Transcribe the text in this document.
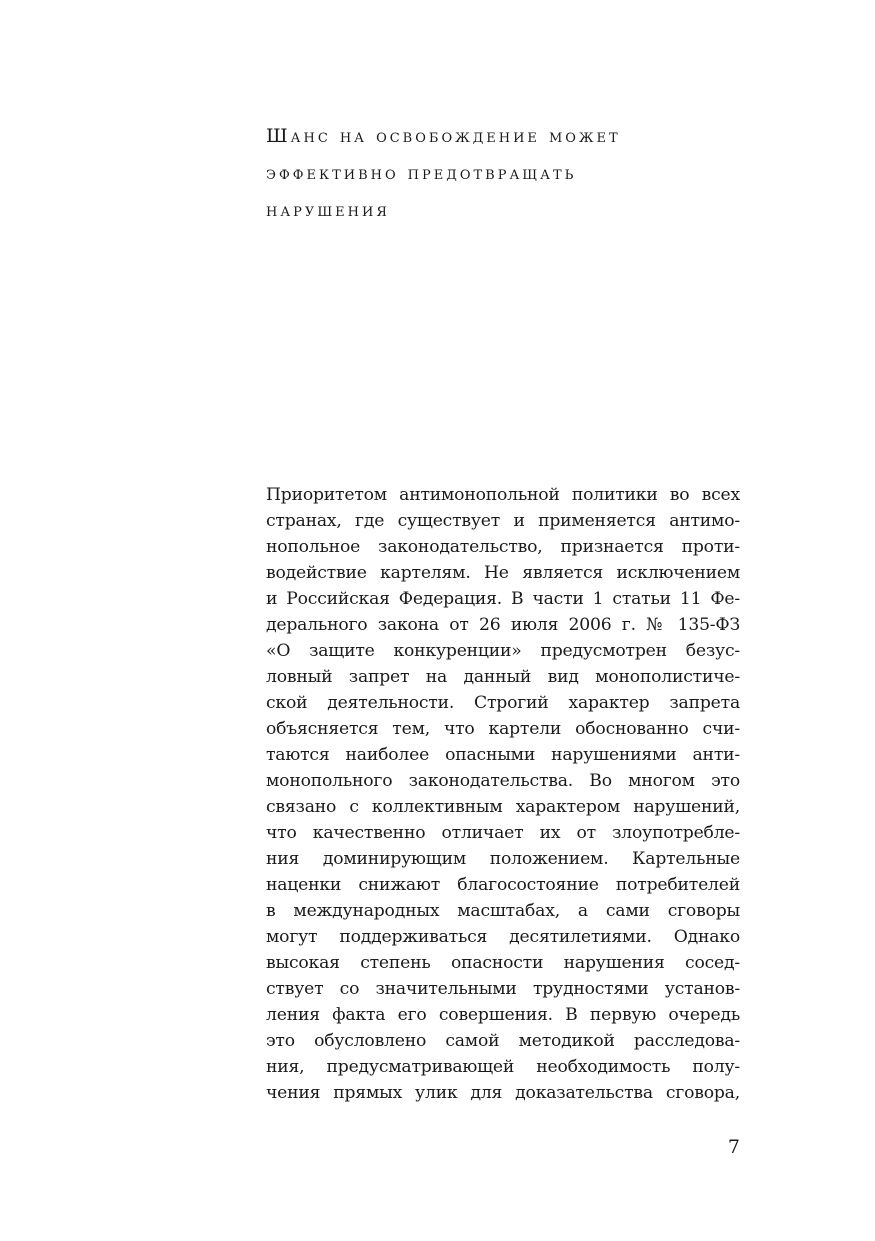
Шанс на освобождение может
эффективно предотвращать
нарушения
Приоритетом антимонопольной политики во всех
странах, где существует и применяется антимо-
нопольное законодательство, признается проти-
водействие картелям. Не является исключением
и Российская Федерация. В части 1 статьи 11 Фе-
дерального закона от 26 июля 2006 г. № 135-ФЗ
«О защите конкуренции» предусмотрен безус-
ловный запрет на данный вид монополистиче-
ской деятельности. Строгий характер запрета
объясняется тем, что картели обоснованно счи-
таются наиболее опасными нарушениями анти-
монопольного законодательства. Во многом это
связано с коллективным характером нарушений,
что качественно отличает их от злоупотребле-
ния доминирующим положением. Картельные
наценки снижают благосостояние потребителей
в международных масштабах, а сами сговоры
могут поддерживаться десятилетиями. Однако
высокая степень опасности нарушения сосед-
ствует со значительными трудностями установ-
ления факта его совершения. В первую очередь
это обусловлено самой методикой расследова-
ния, предусматривающей необходимость полу-
чения прямых улик для доказательства сговора,
7
